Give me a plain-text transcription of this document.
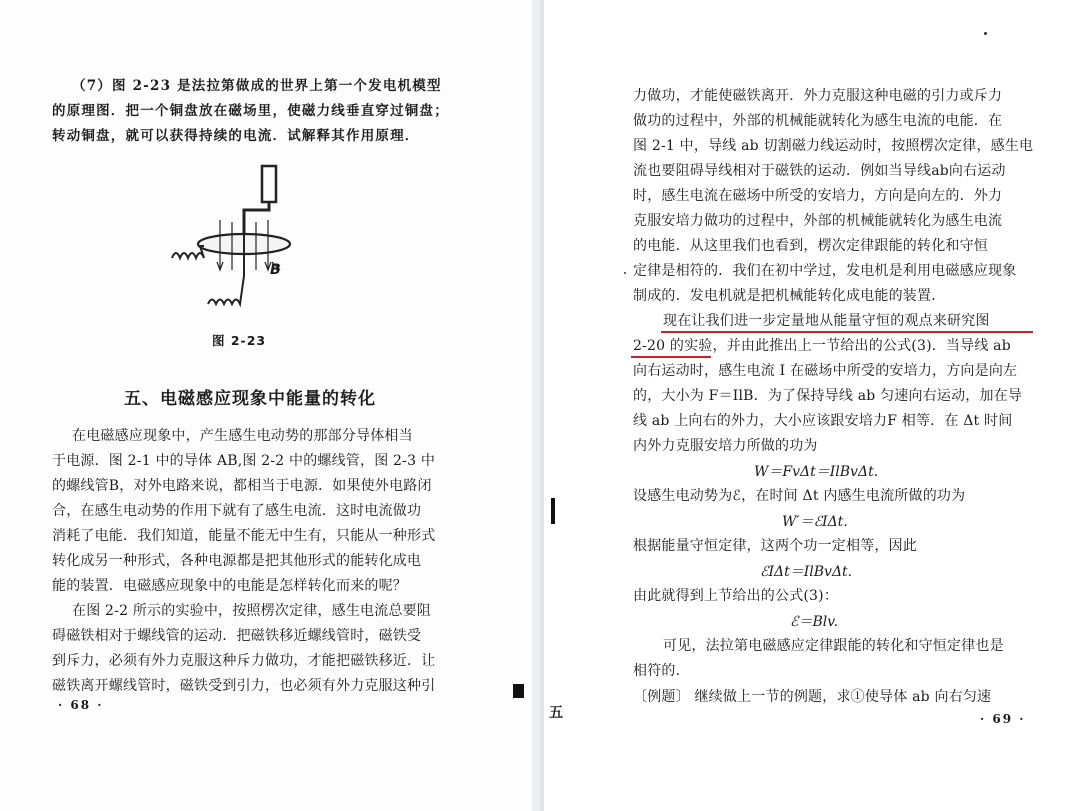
（7）图 2-23 是法拉第做成的世界上第一个发电机模型
的原理图．把一个铜盘放在磁场里，使磁力线垂直穿过铜盘；
转动铜盘，就可以获得持续的电流．试解释其作用原理．
B
图 2-23
五、电磁感应现象中能量的转化
在电磁感应现象中，产生感生电动势的那部分导体相当
于电源．图 2-1 中的导体 AB,图 2-2 中的螺线管，图 2-3 中
的螺线管B，对外电路来说，都相当于电源．如果使外电路闭
合，在感生电动势的作用下就有了感生电流．这时电流做功
消耗了电能．我们知道，能量不能无中生有，只能从一种形式
转化成另一种形式，各种电源都是把其他形式的能转化成电
能的装置．电磁感应现象中的电能是怎样转化而来的呢？
在图 2-2 所示的实验中，按照楞次定律，感生电流总要阻
碍磁铁相对于螺线管的运动．把磁铁移近螺线管时，磁铁受
到斥力，必须有外力克服这种斥力做功，才能把磁铁移近．让
磁铁离开螺线管时，磁铁受到引力，也必须有外力克服这种引
· 68 ·	五
力做功，才能使磁铁离开．外力克服这种电磁的引力或斥力
做功的过程中，外部的机械能就转化为感生电流的电能．在
图 2-1 中，导线 ab 切割磁力线运动时，按照楞次定律，感生电
流也要阻碍导线相对于磁铁的运动．例如当导线ab向右运动
时，感生电流在磁场中所受的安培力，方向是向左的．外力
克服安培力做功的过程中，外部的机械能就转化为感生电流
的电能．从这里我们也看到，楞次定律跟能的转化和守恒
定律是相符的．我们在初中学过，发电机是利用电磁感应现象
制成的．发电机就是把机械能转化成电能的装置．
现在让我们进一步定量地从能量守恒的观点来研究图
2-20 的实验，并由此推出上一节给出的公式(3)．当导线 ab
向右运动时，感生电流 I 在磁场中所受的安培力，方向是向左
的，大小为 F＝IlB．为了保持导线 ab 匀速向右运动，加在导
线 ab 上向右的外力，大小应该跟安培力F 相等．在 Δt 时间
内外力克服安培力所做的功为
W＝FvΔt＝IlBvΔt.
设感生电动势为ℰ，在时间 Δt 内感生电流所做的功为
W′＝ℰIΔt.
根据能量守恒定律，这两个功一定相等，因此
ℰIΔt＝IlBvΔt.
由此就得到上节给出的公式(3)：
ℰ＝Blv.
可见，法拉第电磁感应定律跟能的转化和守恒定律也是
相符的.
〔例题〕 继续做上一节的例题，求①使导体 ab 向右匀速
· 69 ·
